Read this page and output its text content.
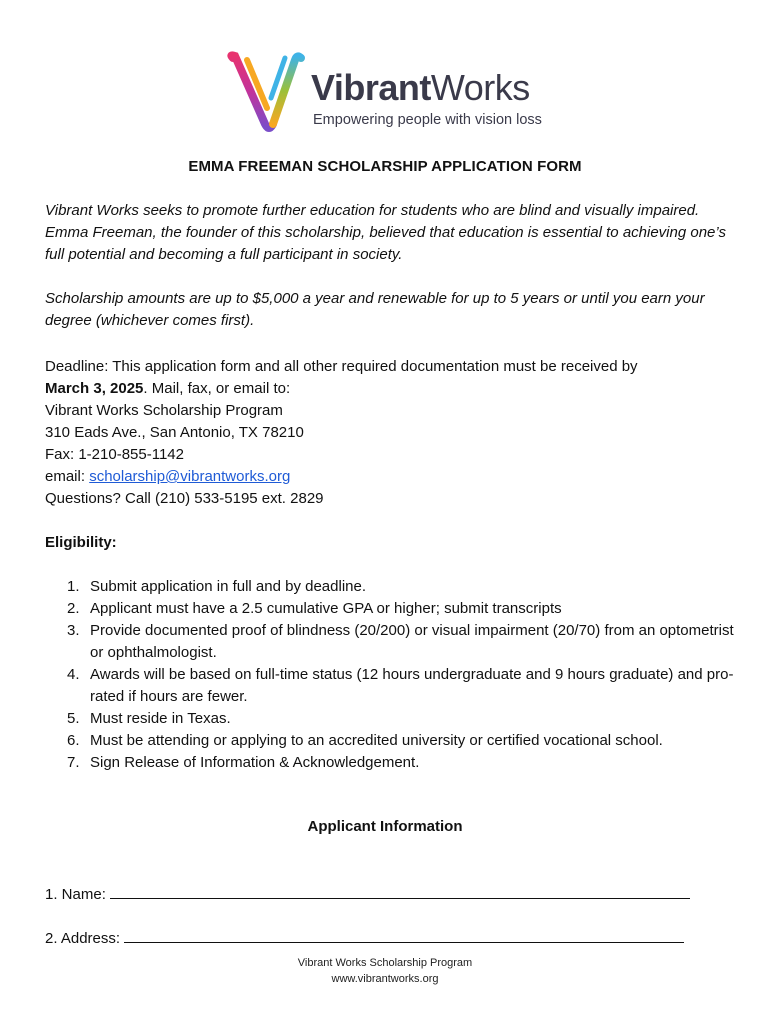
VibrantWorks
Empowering people with vision loss
EMMA FREEMAN SCHOLARSHIP APPLICATION FORM
Vibrant Works seeks to promote further education for students who are blind and visually impaired. Emma Freeman, the founder of this scholarship, believed that education is essential to achieving one’s full potential and becoming a full participant in society.
Scholarship amounts are up to $5,000 a year and renewable for up to 5 years or until you earn your degree (whichever comes first).
Deadline: This application form and all other required documentation must be received by
March 3, 2025. Mail, fax, or email to:
Vibrant Works Scholarship Program
310 Eads Ave., San Antonio, TX 78210
Fax: 1-210-855-1142
email: scholarship@vibrantworks.org
Questions? Call (210) 533-5195 ext. 2829
Eligibility:
1. Submit application in full and by deadline.
2. Applicant must have a 2.5 cumulative GPA or higher; submit transcripts
3. Provide documented proof of blindness (20/200) or visual impairment (20/70) from an optometrist or ophthalmologist.
4. Awards will be based on full-time status (12 hours undergraduate and 9 hours graduate) and pro-rated if hours are fewer.
5. Must reside in Texas.
6. Must be attending or applying to an accredited university or certified vocational school.
7. Sign Release of Information & Acknowledgement.
Applicant Information
1. Name:
2. Address:
Vibrant Works Scholarship Program
www.vibrantworks.org
